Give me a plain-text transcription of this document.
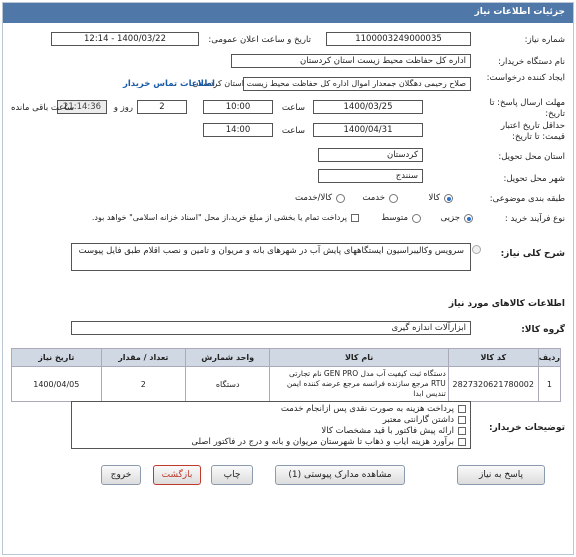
جزئیات اطلاعات نیاز
شماره نیاز:
1100003249000035
تاریخ و ساعت اعلان عمومی:
1400/03/22 - 12:14
نام دستگاه خریدار:
اداره کل حفاظت محیط زیست استان کردستان
ایجاد کننده درخواست:
صلاح رحیمی دهگلان جمعدار اموال اداره کل حفاظت محیط زیست استان کردستان
اطلاعات تماس خریدار
مهلت ارسال پاسخ: تا تاریخ:
1400/03/25
ساعت
10:00
2
روز و
21:14:36
ساعت باقی مانده
حداقل تاریخ اعتبار قیمت: تا تاریخ:
1400/04/31
ساعت
14:00
استان محل تحویل:
کردستان
شهر محل تحویل:
سنندج
طبقه بندی موضوعی:
کالا
خدمت
کالا/خدمت
نوع فرآیند خرید :
جزیی
متوسط
پرداخت تمام یا بخشی از مبلغ خرید،از محل "اسناد خزانه اسلامی" خواهد بود.
شرح کلی نیاز:
سرویس وکالیبراسیون ایستگاههای پایش آب در شهرهای بانه و مریوان و تامین و نصب اقلام طبق فایل پیوست
اطلاعات کالاهای مورد نیاز
گروه کالا:
ابزارآلات اندازه گیری
ردیف	کد کالا	نام کالا	واحد شمارش	تعداد / مقدار	تاریخ نیاز
1	2827320621780002	دستگاه ثبت کیفیت آب مدل GEN PRO نام تجارتی RTU مرجع سازنده فرانسه مرجع عرضه کننده ایمن تندیس ابدا	دستگاه	2	1400/04/05
توضیحات خریدار:
پرداخت هزینه به صورت نقدی پس ازانجام خدمت
داشتن گارانتی معتبر
ارائه پیش فاکتور با قید مشخصات کالا
برآورد هزینه ایاب و ذهاب تا شهرستان مریوان و بانه و درج در فاکتور اصلی
پاسخ به نیاز
مشاهده مدارک پیوستی (1)
چاپ
بازگشت
خروج
